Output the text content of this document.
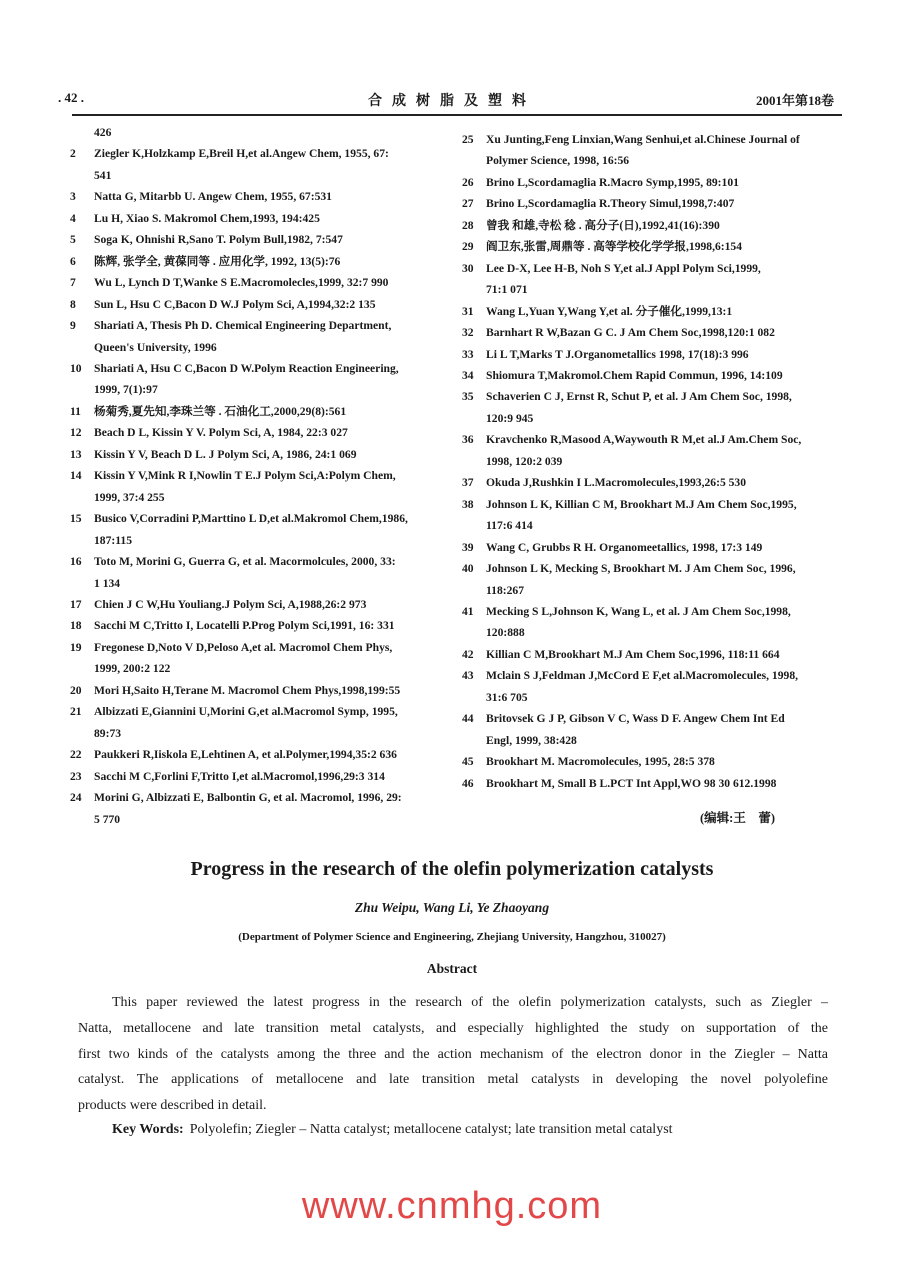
. 42 .	合成树脂及塑料	2001年第18卷
426
2 Ziegler K,Holzkamp E,Breil H,et al.Angew Chem, 1955, 67:
541
3 Natta G, Mitarbb U. Angew Chem, 1955, 67:531
4 Lu H, Xiao S. Makromol Chem,1993, 194:425
5 Soga K, Ohnishi R,Sano T. Polym Bull,1982, 7:547
6 陈辉, 张学全, 黄葆同等 . 应用化学, 1992, 13(5):76
7 Wu L, Lynch D T,Wanke S E.Macromolecles,1999, 32:7 990
8 Sun L, Hsu C C,Bacon D W.J Polym Sci, A,1994,32:2 135
9 Shariati A, Thesis Ph D. Chemical Engineering Department,
Queen's University, 1996
10 Shariati A, Hsu C C,Bacon D W.Polym Reaction Engineering,
1999, 7(1):97
11 杨菊秀,夏先知,李珠兰等 . 石油化工,2000,29(8):561
12 Beach D L, Kissin Y V. Polym Sci, A, 1984, 22:3 027
13 Kissin Y V, Beach D L. J Polym Sci, A, 1986, 24:1 069
14 Kissin Y V,Mink R I,Nowlin T E.J Polym Sci,A:Polym Chem,
1999, 37:4 255
15 Busico V,Corradini P,Marttino L D,et al.Makromol Chem,1986,
187:115
16 Toto M, Morini G, Guerra G, et al. Macormolcules, 2000, 33:
1 134
17 Chien J C W,Hu Youliang.J Polym Sci, A,1988,26:2 973
18 Sacchi M C,Tritto I, Locatelli P.Prog Polym Sci,1991, 16: 331
19 Fregonese D,Noto V D,Peloso A,et al. Macromol Chem Phys,
1999, 200:2 122
20 Mori H,Saito H,Terane M. Macromol Chem Phys,1998,199:55
21 Albizzati E,Giannini U,Morini G,et al.Macromol Symp, 1995,
89:73
22 Paukkeri R,Iiskola E,Lehtinen A, et al.Polymer,1994,35:2 636
23 Sacchi M C,Forlini F,Tritto I,et al.Macromol,1996,29:3 314
24 Morini G, Albizzati E, Balbontin G, et al. Macromol, 1996, 29:
5 770
25 Xu Junting,Feng Linxian,Wang Senhui,et al.Chinese Journal of
Polymer Science, 1998, 16:56
26 Brino L,Scordamaglia R.Macro Symp,1995, 89:101
27 Brino L,Scordamaglia R.Theory Simul,1998,7:407
28 曾我 和雄,寺松 稔 . 高分子(日),1992,41(16):390
29 阎卫东,张雷,周鼎等 . 高等学校化学学报,1998,6:154
30 Lee D-X, Lee H-B, Noh S Y,et al.J Appl Polym Sci,1999,
71:1 071
31 Wang L,Yuan Y,Wang Y,et al. 分子催化,1999,13:1
32 Barnhart R W,Bazan G C. J Am Chem Soc,1998,120:1 082
33 Li L T,Marks T J.Organometallics 1998, 17(18):3 996
34 Shiomura T,Makromol.Chem Rapid Commun, 1996, 14:109
35 Schaverien C J, Ernst R, Schut P, et al. J Am Chem Soc, 1998,
120:9 945
36 Kravchenko R,Masood A,Waywouth R M,et al.J Am.Chem Soc,
1998, 120:2 039
37 Okuda J,Rushkin I L.Macromolecules,1993,26:5 530
38 Johnson L K, Killian C M, Brookhart M.J Am Chem Soc,1995,
117:6 414
39 Wang C, Grubbs R H. Organomeetallics, 1998, 17:3 149
40 Johnson L K, Mecking S, Brookhart M. J Am Chem Soc, 1996,
118:267
41 Mecking S L,Johnson K, Wang L, et al. J Am Chem Soc,1998,
120:888
42 Killian C M,Brookhart M.J Am Chem Soc,1996, 118:11 664
43 Mclain S J,Feldman J,McCord E F,et al.Macromolecules, 1998,
31:6 705
44 Britovsek G J P, Gibson V C, Wass D F. Angew Chem Int Ed
Engl, 1999, 38:428
45 Brookhart M. Macromolecules, 1995, 28:5 378
46 Brookhart M, Small B L.PCT Int Appl,WO 98 30 612.1998
(编辑:王　蕾)
Progress in the research of the olefin polymerization catalysts
Zhu Weipu, Wang Li, Ye Zhaoyang
(Department of Polymer Science and Engineering, Zhejiang University, Hangzhou, 310027)
Abstract
This paper reviewed the latest progress in the research of the olefin polymerization catalysts, such as Ziegler –
Natta, metallocene and late transition metal catalysts, and especially highlighted the study on supportation of the
first two kinds of the catalysts among the three and the action mechanism of the electron donor in the Ziegler – Natta
catalyst. The applications of metallocene and late transition metal catalysts in developing the novel polyolefine
products were described in detail.
Key Words: Polyolefin; Ziegler – Natta catalyst; metallocene catalyst; late transition metal catalyst
www.cnmhg.com
